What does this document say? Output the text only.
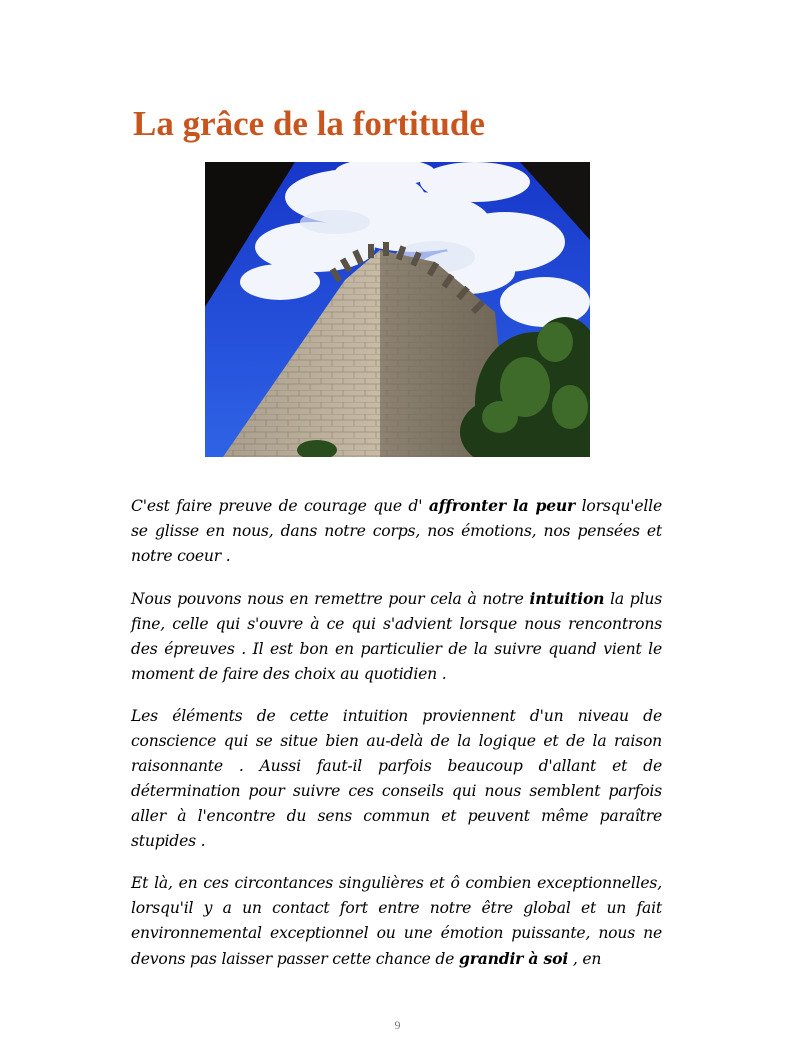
La grâce de la fortitude

C'est faire preuve de courage que d' affronter la peur lorsqu'elle se glisse en nous, dans notre corps, nos émotions, nos pensées et notre coeur .

Nous pouvons nous en remettre pour cela à notre intuition la plus fine, celle qui s'ouvre à ce qui s'advient lorsque nous rencontrons des épreuves . Il est bon en particulier de la suivre quand vient le moment de faire des choix au quotidien .

Les éléments de cette intuition proviennent d'un niveau de conscience qui se situe bien au-delà de la logique et de la raison raisonnante . Aussi faut-il parfois beaucoup d'allant et de détermination pour suivre ces conseils qui nous semblent parfois aller à l'encontre du sens commun et peuvent même paraître stupides .

Et là, en ces circontances singulières et ô combien exceptionnelles, lorsqu'il y a un contact fort entre notre être global et un fait environnemental exceptionnel ou une émotion puissante, nous ne devons pas laisser passer cette chance de grandir à soi , en

9
